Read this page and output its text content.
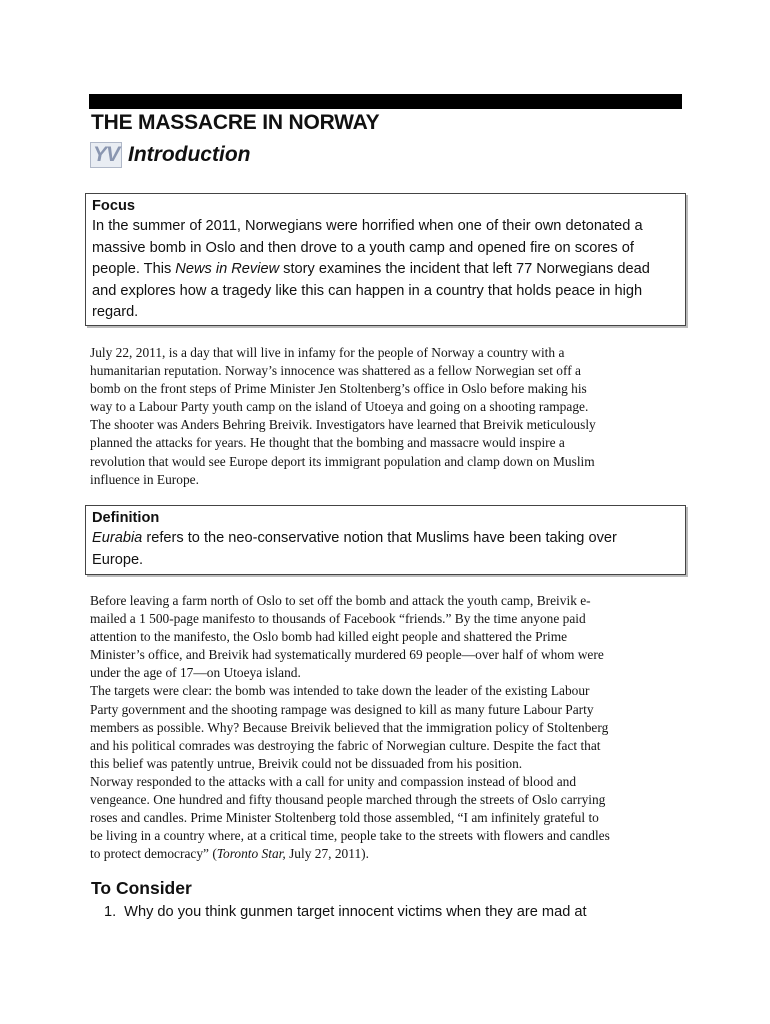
THE MASSACRE IN NORWAY
YV Introduction
Focus
In the summer of 2011, Norwegians were horrified when one of their own detonated a
massive bomb in Oslo and then drove to a youth camp and opened fire on scores of
people. This News in Review story examines the incident that left 77 Norwegians dead
and explores how a tragedy like this can happen in a country that holds peace in high
regard.

July 22, 2011, is a day that will live in infamy for the people of Norway a country with a

humanitarian reputation. Norway’s innocence was shattered as a fellow Norwegian set off a

bomb on the front steps of Prime Minister Jen Stoltenberg’s office in Oslo before making his

way to a Labour Party youth camp on the island of Utoeya and going on a shooting rampage.

The shooter was Anders Behring Breivik. Investigators have learned that Breivik meticulously

planned the attacks for years. He thought that the bombing and massacre would inspire a

revolution that would see Europe deport its immigrant population and clamp down on Muslim

influence in Europe.

Definition
Eurabia refers to the neo-conservative notion that Muslims have been taking over
Europe.

Before leaving a farm north of Oslo to set off the bomb and attack the youth camp, Breivik e-

mailed a 1 500-page manifesto to thousands of Facebook “friends.” By the time anyone paid

attention to the manifesto, the Oslo bomb had killed eight people and shattered the Prime

Minister’s office, and Breivik had systematically murdered 69 people—over half of whom were

under the age of 17—on Utoeya island.

The targets were clear: the bomb was intended to take down the leader of the existing Labour

Party government and the shooting rampage was designed to kill as many future Labour Party

members as possible. Why? Because Breivik believed that the immigration policy of Stoltenberg

and his political comrades was destroying the fabric of Norwegian culture. Despite the fact that

this belief was patently untrue, Breivik could not be dissuaded from his position.

Norway responded to the attacks with a call for unity and compassion instead of blood and

vengeance. One hundred and fifty thousand people marched through the streets of Oslo carrying

roses and candles. Prime Minister Stoltenberg told those assembled, “I am infinitely grateful to

be living in a country where, at a critical time, people take to the streets with flowers and candles

to protect democracy” (Toronto Star, July 27, 2011).

To Consider
1. Why do you think gunmen target innocent victims when they are mad at
